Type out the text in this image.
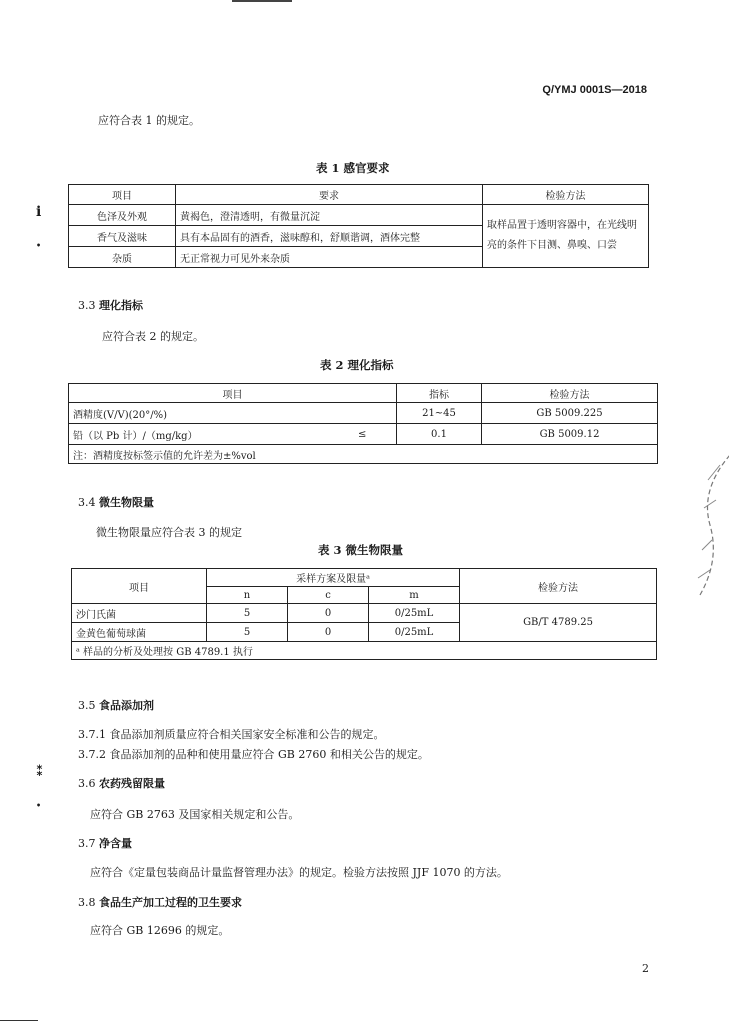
Q/YMJ 0001S—2018
应符合表 1 的规定。
表 1 感官要求
项目	要求	检验方法
色泽及外观	黄褐色，澄清透明，有微量沉淀	取样品置于透明容器中，在光线明亮的条件下目测、鼻嗅、口尝
香气及滋味	具有本品固有的酒香，滋味醇和，舒顺谐调，酒体完整	
杂质	无正常视力可见外来杂质	
ⅰ
•
3.3 理化指标
应符合表 2 的规定。
表 2 理化指标
项目		指标	检验方法
酒精度(V/V)(20°/%)		21~45	GB 5009.225
铅（以 Pb 计）/（mg/kg）	≤	0.1	GB 5009.12
注：酒精度按标签示值的允许差为±%vol			
3.4 微生物限量
微生物限量应符合表 3 的规定
表 3 微生物限量
项目	采样方案及限量ᵃ			检验方法
	n	c	m	
沙门氏菌	5	0	0/25mL	GB/T 4789.25
金黄色葡萄球菌	5	0	0/25mL	
ᵃ 样品的分析及处理按 GB 4789.1 执行				
3.5 食品添加剂
3.7.1 食品添加剂质量应符合相关国家安全标准和公告的规定。
3.7.2 食品添加剂的品种和使用量应符合 GB 2760 和相关公告的规定。
⁑
•
3.6 农药残留限量
应符合 GB 2763 及国家相关规定和公告。
3.7 净含量
应符合《定量包装商品计量监督管理办法》的规定。检验方法按照 JJF 1070 的方法。
3.8 食品生产加工过程的卫生要求
应符合 GB 12696 的规定。
2
